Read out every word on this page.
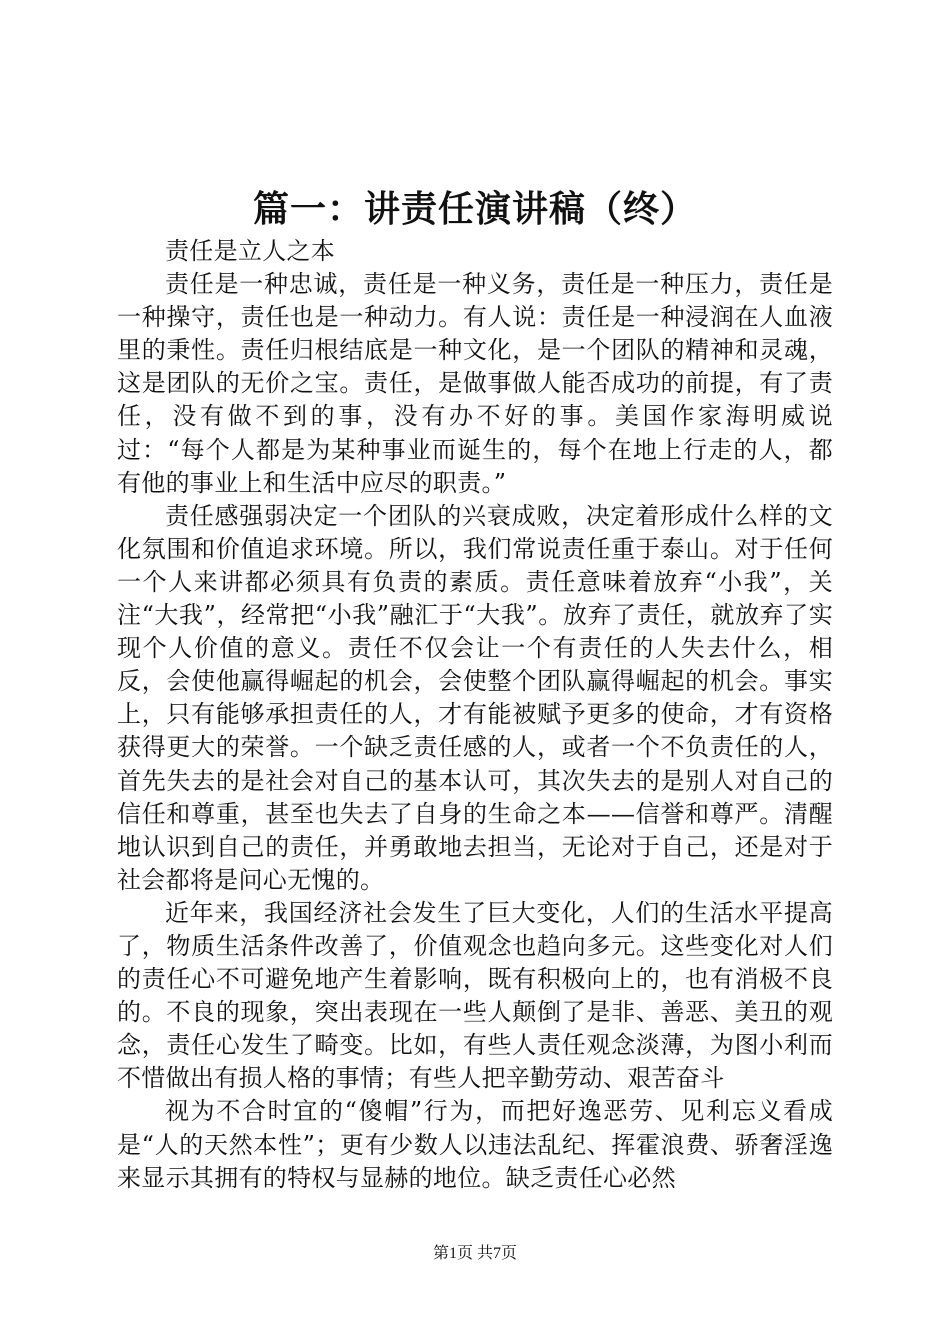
篇一：讲责任演讲稿（终）

责任是立人之本

责任是一种忠诚，责任是一种义务，责任是一种压力，责任是一种操守，责任也是一种动力。有人说：责任是一种浸润在人血液里的秉性。责任归根结底是一种文化，是一个团队的精神和灵魂，这是团队的无价之宝。责任，是做事做人能否成功的前提，有了责任，没有做不到的事，没有办不好的事。美国作家海明威说过：“每个人都是为某种事业而诞生的，每个在地上行走的人，都有他的事业上和生活中应尽的职责。”

责任感强弱决定一个团队的兴衰成败，决定着形成什么样的文化氛围和价值追求环境。所以，我们常说责任重于泰山。对于任何一个人来讲都必须具有负责的素质。责任意味着放弃“小我”，关注“大我”，经常把“小我”融汇于“大我”。放弃了责任，就放弃了实现个人价值的意义。责任不仅会让一个有责任的人失去什么，相反，会使他赢得崛起的机会，会使整个团队赢得崛起的机会。事实上，只有能够承担责任的人，才有能被赋予更多的使命，才有资格获得更大的荣誉。一个缺乏责任感的人，或者一个不负责任的人，首先失去的是社会对自己的基本认可，其次失去的是别人对自己的信任和尊重，甚至也失去了自身的生命之本——信誉和尊严。清醒地认识到自己的责任，并勇敢地去担当，无论对于自己，还是对于社会都将是问心无愧的。

近年来，我国经济社会发生了巨大变化，人们的生活水平提高了，物质生活条件改善了，价值观念也趋向多元。这些变化对人们的责任心不可避免地产生着影响，既有积极向上的，也有消极不良的。不良的现象，突出表现在一些人颠倒了是非、善恶、美丑的观念，责任心发生了畸变。比如，有些人责任观念淡薄，为图小利而不惜做出有损人格的事情；有些人把辛勤劳动、艰苦奋斗

视为不合时宜的“傻帽”行为，而把好逸恶劳、见利忘义看成是“人的天然本性”；更有少数人以违法乱纪、挥霍浪费、骄奢淫逸来显示其拥有的特权与显赫的地位。缺乏责任心必然

第1页 共7页
